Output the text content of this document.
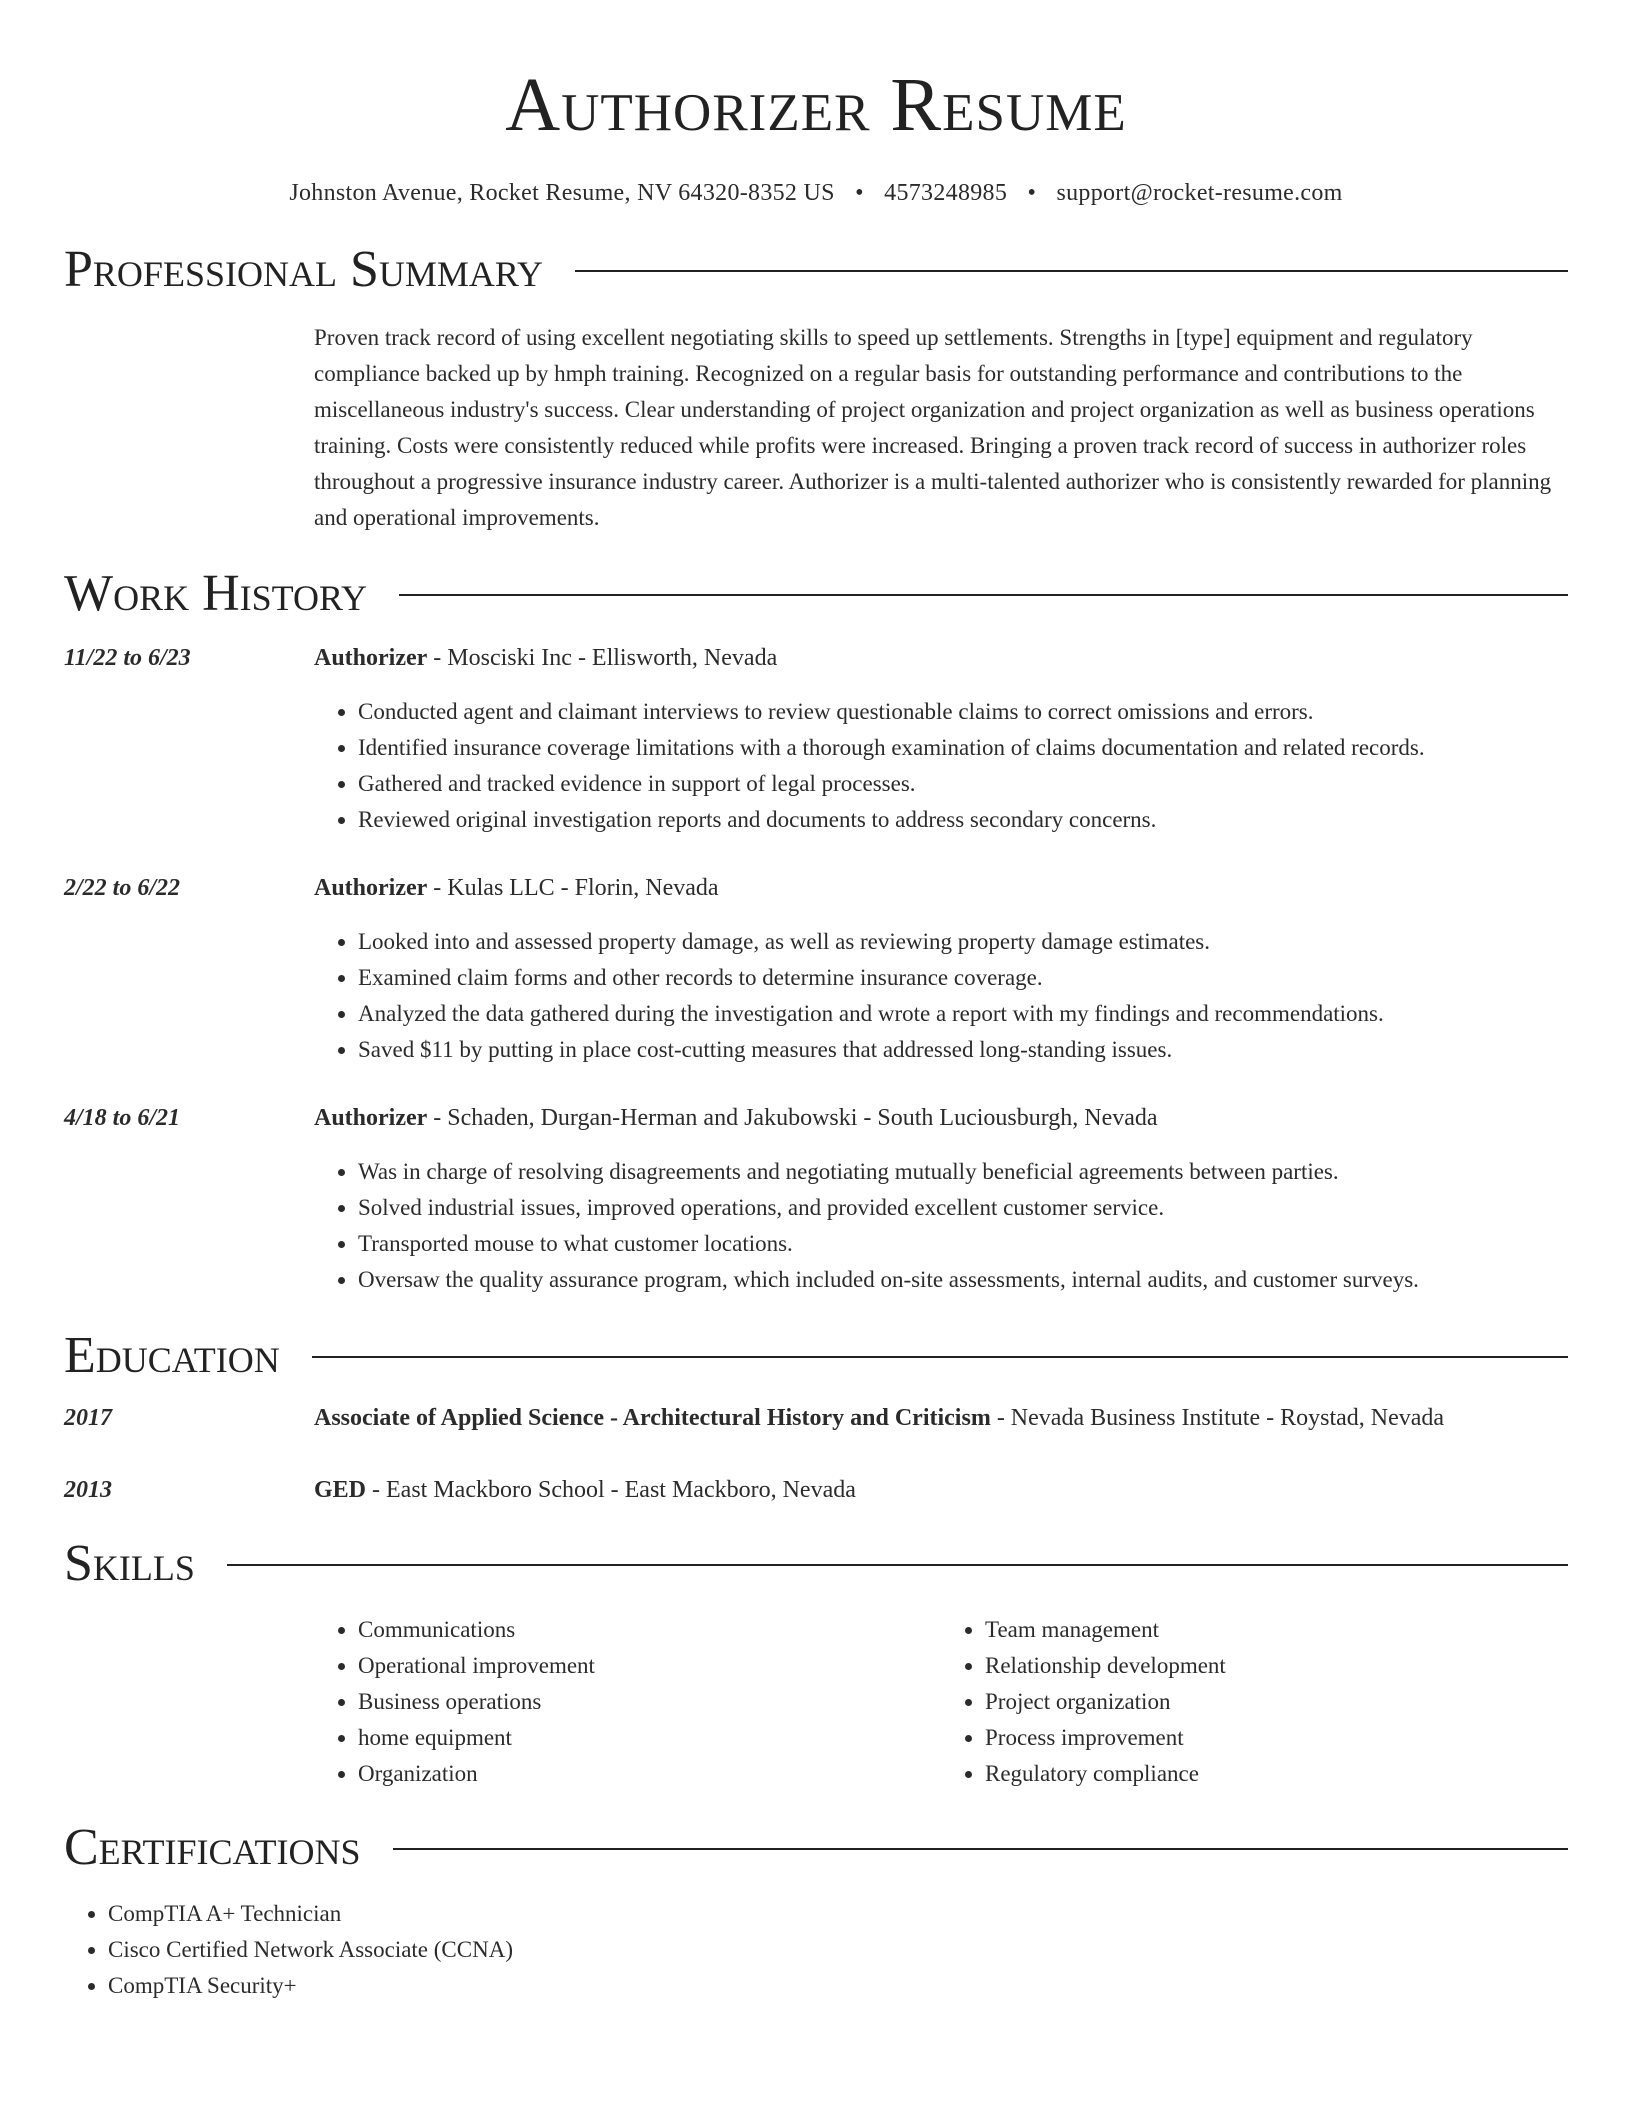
Authorizer Resume
Johnston Avenue, Rocket Resume, NV 64320-8352 US • 4573248985 • support@rocket-resume.com
Professional Summary
Proven track record of using excellent negotiating skills to speed up settlements. Strengths in [type] equipment and regulatory compliance backed up by hmph training. Recognized on a regular basis for outstanding performance and contributions to the miscellaneous industry's success. Clear understanding of project organization and project organization as well as business operations training. Costs were consistently reduced while profits were increased. Bringing a proven track record of success in authorizer roles throughout a progressive insurance industry career. Authorizer is a multi-talented authorizer who is consistently rewarded for planning and operational improvements.
Work History
11/22 to 6/23	Authorizer - Mosciski Inc - Ellisworth, Nevada
• Conducted agent and claimant interviews to review questionable claims to correct omissions and errors.
• Identified insurance coverage limitations with a thorough examination of claims documentation and related records.
• Gathered and tracked evidence in support of legal processes.
• Reviewed original investigation reports and documents to address secondary concerns.
2/22 to 6/22	Authorizer - Kulas LLC - Florin, Nevada
• Looked into and assessed property damage, as well as reviewing property damage estimates.
• Examined claim forms and other records to determine insurance coverage.
• Analyzed the data gathered during the investigation and wrote a report with my findings and recommendations.
• Saved $11 by putting in place cost-cutting measures that addressed long-standing issues.
4/18 to 6/21	Authorizer - Schaden, Durgan-Herman and Jakubowski - South Luciousburgh, Nevada
• Was in charge of resolving disagreements and negotiating mutually beneficial agreements between parties.
• Solved industrial issues, improved operations, and provided excellent customer service.
• Transported mouse to what customer locations.
• Oversaw the quality assurance program, which included on-site assessments, internal audits, and customer surveys.
Education
2017	Associate of Applied Science - Architectural History and Criticism - Nevada Business Institute - Roystad, Nevada
2013	GED - East Mackboro School - East Mackboro, Nevada
Skills
• Communications
• Operational improvement
• Business operations
• home equipment
• Organization
• Team management
• Relationship development
• Project organization
• Process improvement
• Regulatory compliance
Certifications
• CompTIA A+ Technician
• Cisco Certified Network Associate (CCNA)
• CompTIA Security+
